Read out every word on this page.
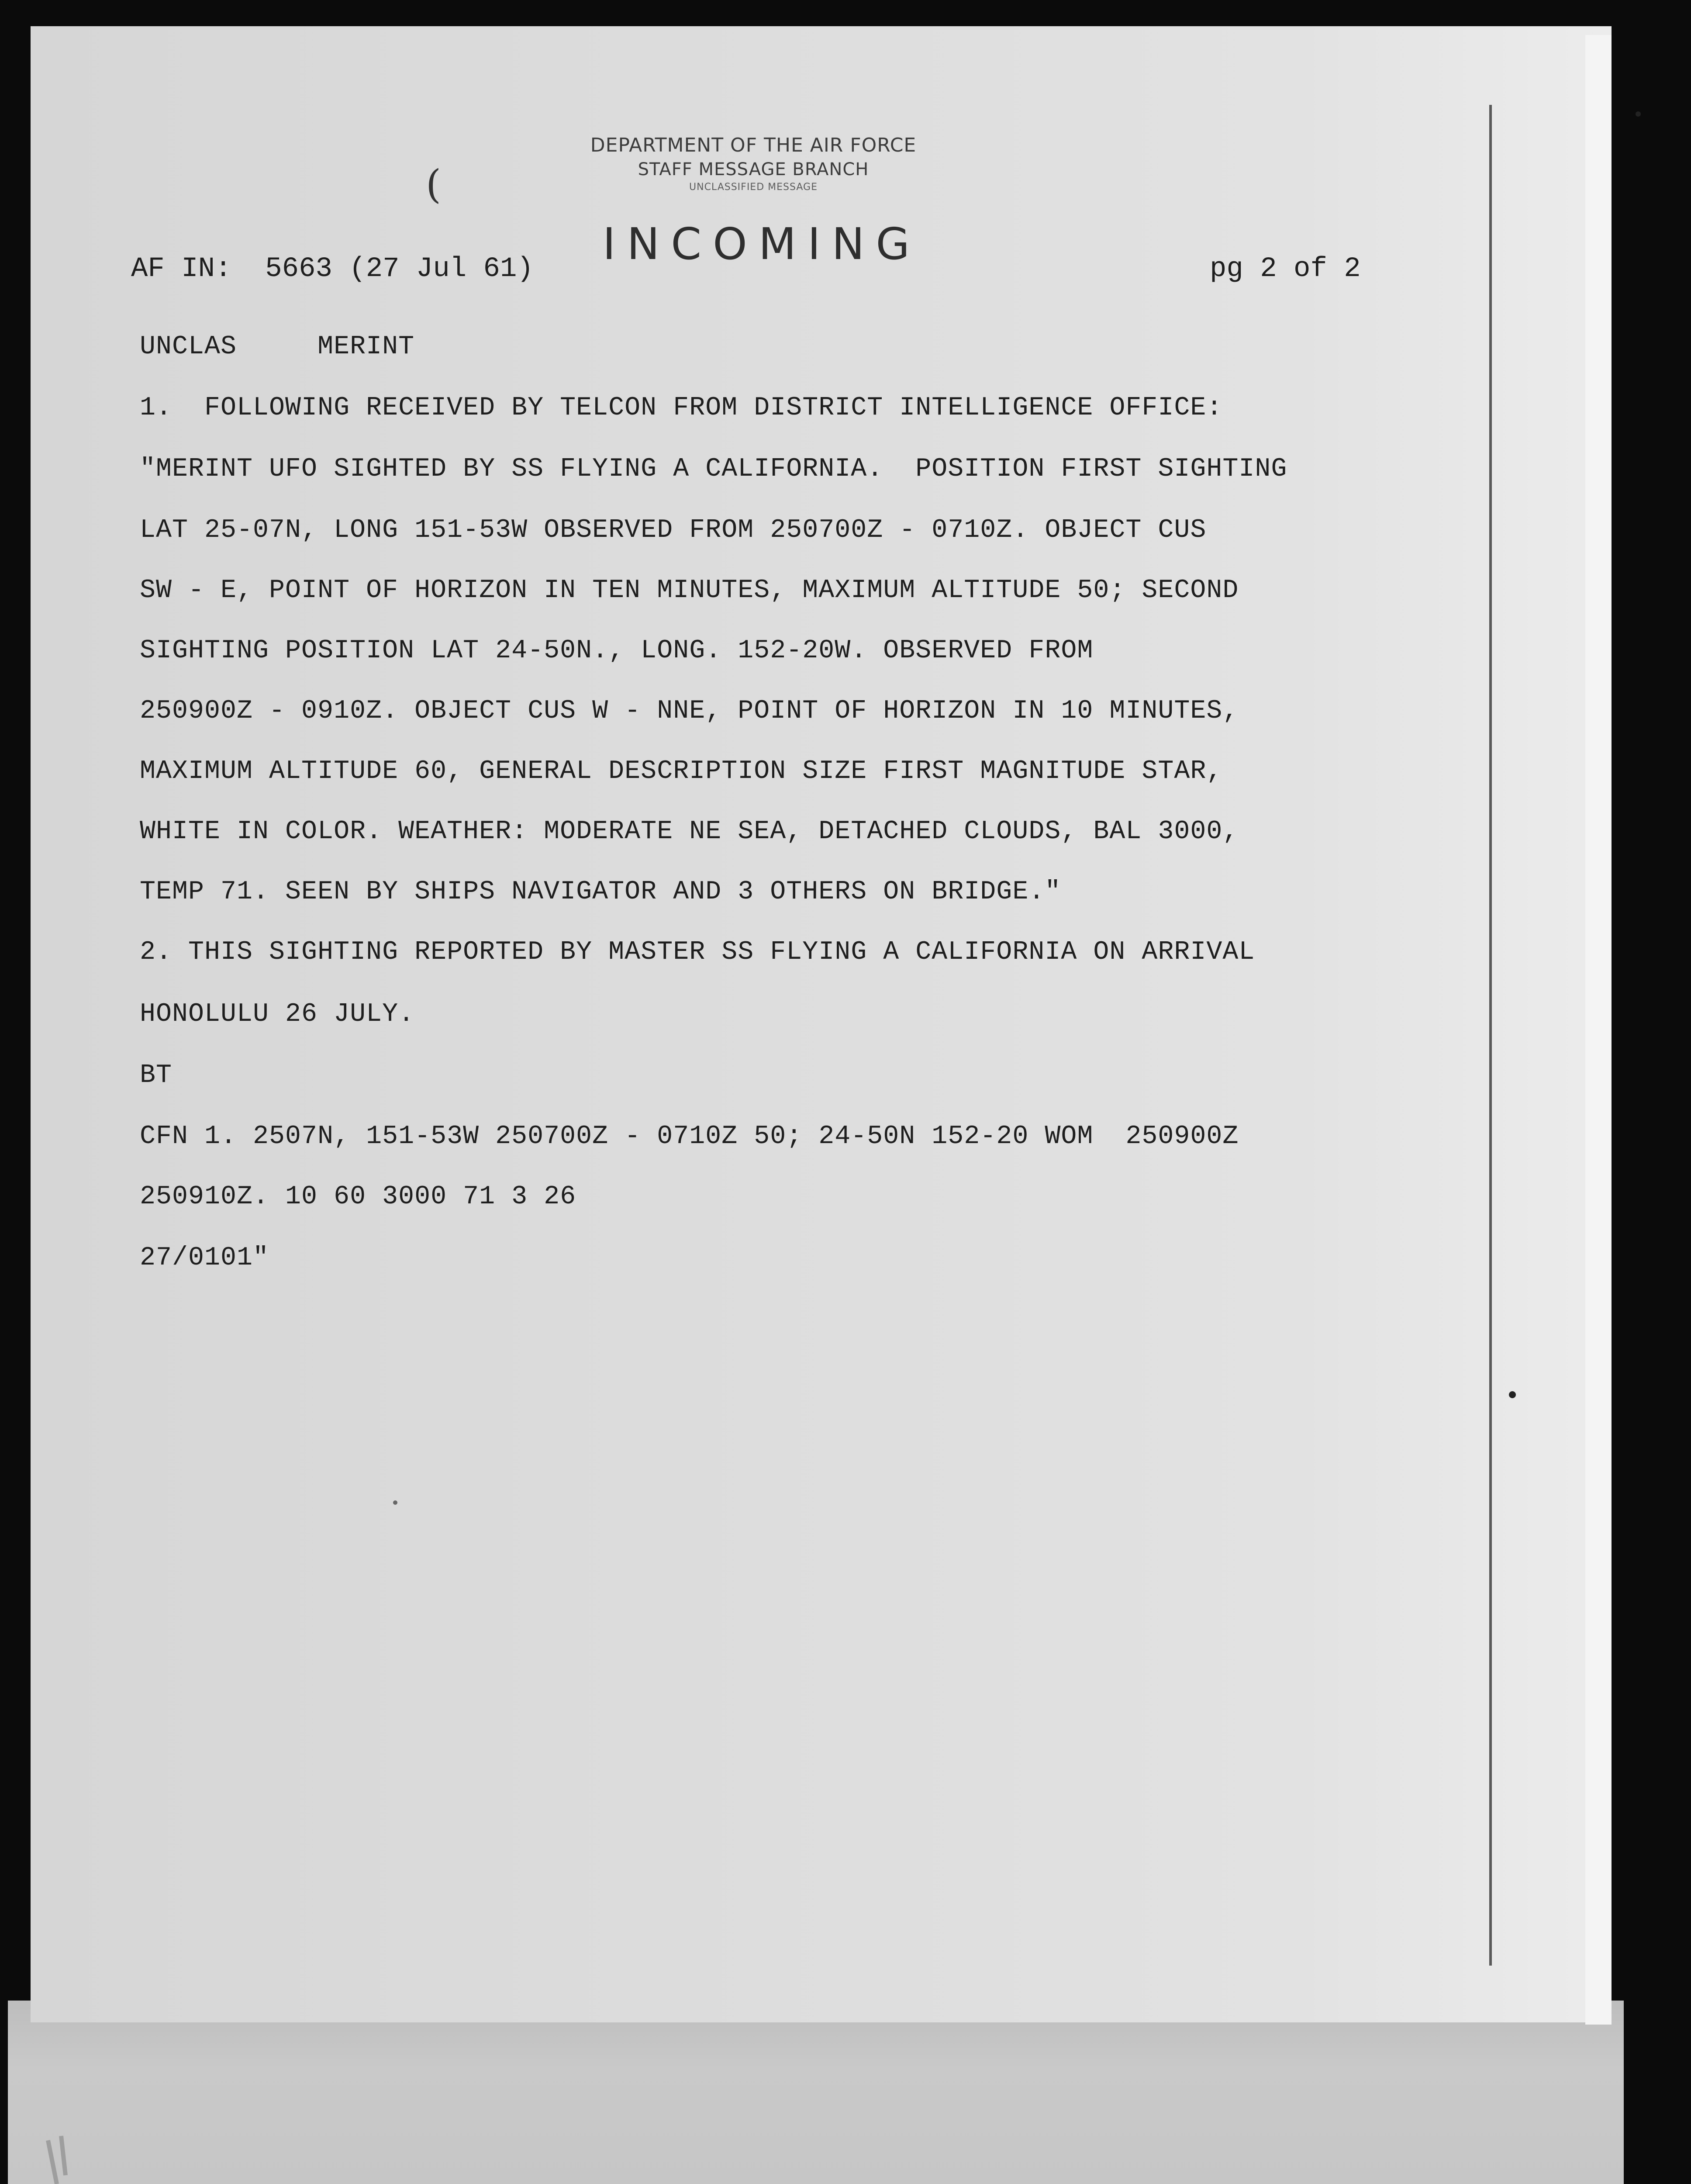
DEPARTMENT OF THE AIR FORCE
STAFF MESSAGE BRANCH
UNCLASSIFIED MESSAGE
(
INCOMING
AF IN:  5663 (27 Jul 61)	pg 2 of 2
UNCLAS     MERINT
1.  FOLLOWING RECEIVED BY TELCON FROM DISTRICT INTELLIGENCE OFFICE:
"MERINT UFO SIGHTED BY SS FLYING A CALIFORNIA.  POSITION FIRST SIGHTING
LAT 25-07N, LONG 151-53W OBSERVED FROM 250700Z - 0710Z. OBJECT CUS
SW - E, POINT OF HORIZON IN TEN MINUTES, MAXIMUM ALTITUDE 50; SECOND
SIGHTING POSITION LAT 24-50N., LONG. 152-20W. OBSERVED FROM
250900Z - 0910Z. OBJECT CUS W - NNE, POINT OF HORIZON IN 10 MINUTES,
MAXIMUM ALTITUDE 60, GENERAL DESCRIPTION SIZE FIRST MAGNITUDE STAR,
WHITE IN COLOR. WEATHER: MODERATE NE SEA, DETACHED CLOUDS, BAL 3000,
TEMP 71. SEEN BY SHIPS NAVIGATOR AND 3 OTHERS ON BRIDGE."
2. THIS SIGHTING REPORTED BY MASTER SS FLYING A CALIFORNIA ON ARRIVAL
HONOLULU 26 JULY.
BT
CFN 1. 2507N, 151-53W 250700Z - 0710Z 50; 24-50N 152-20 WOM  250900Z
250910Z. 10 60 3000 71 3 26
27/0101"
